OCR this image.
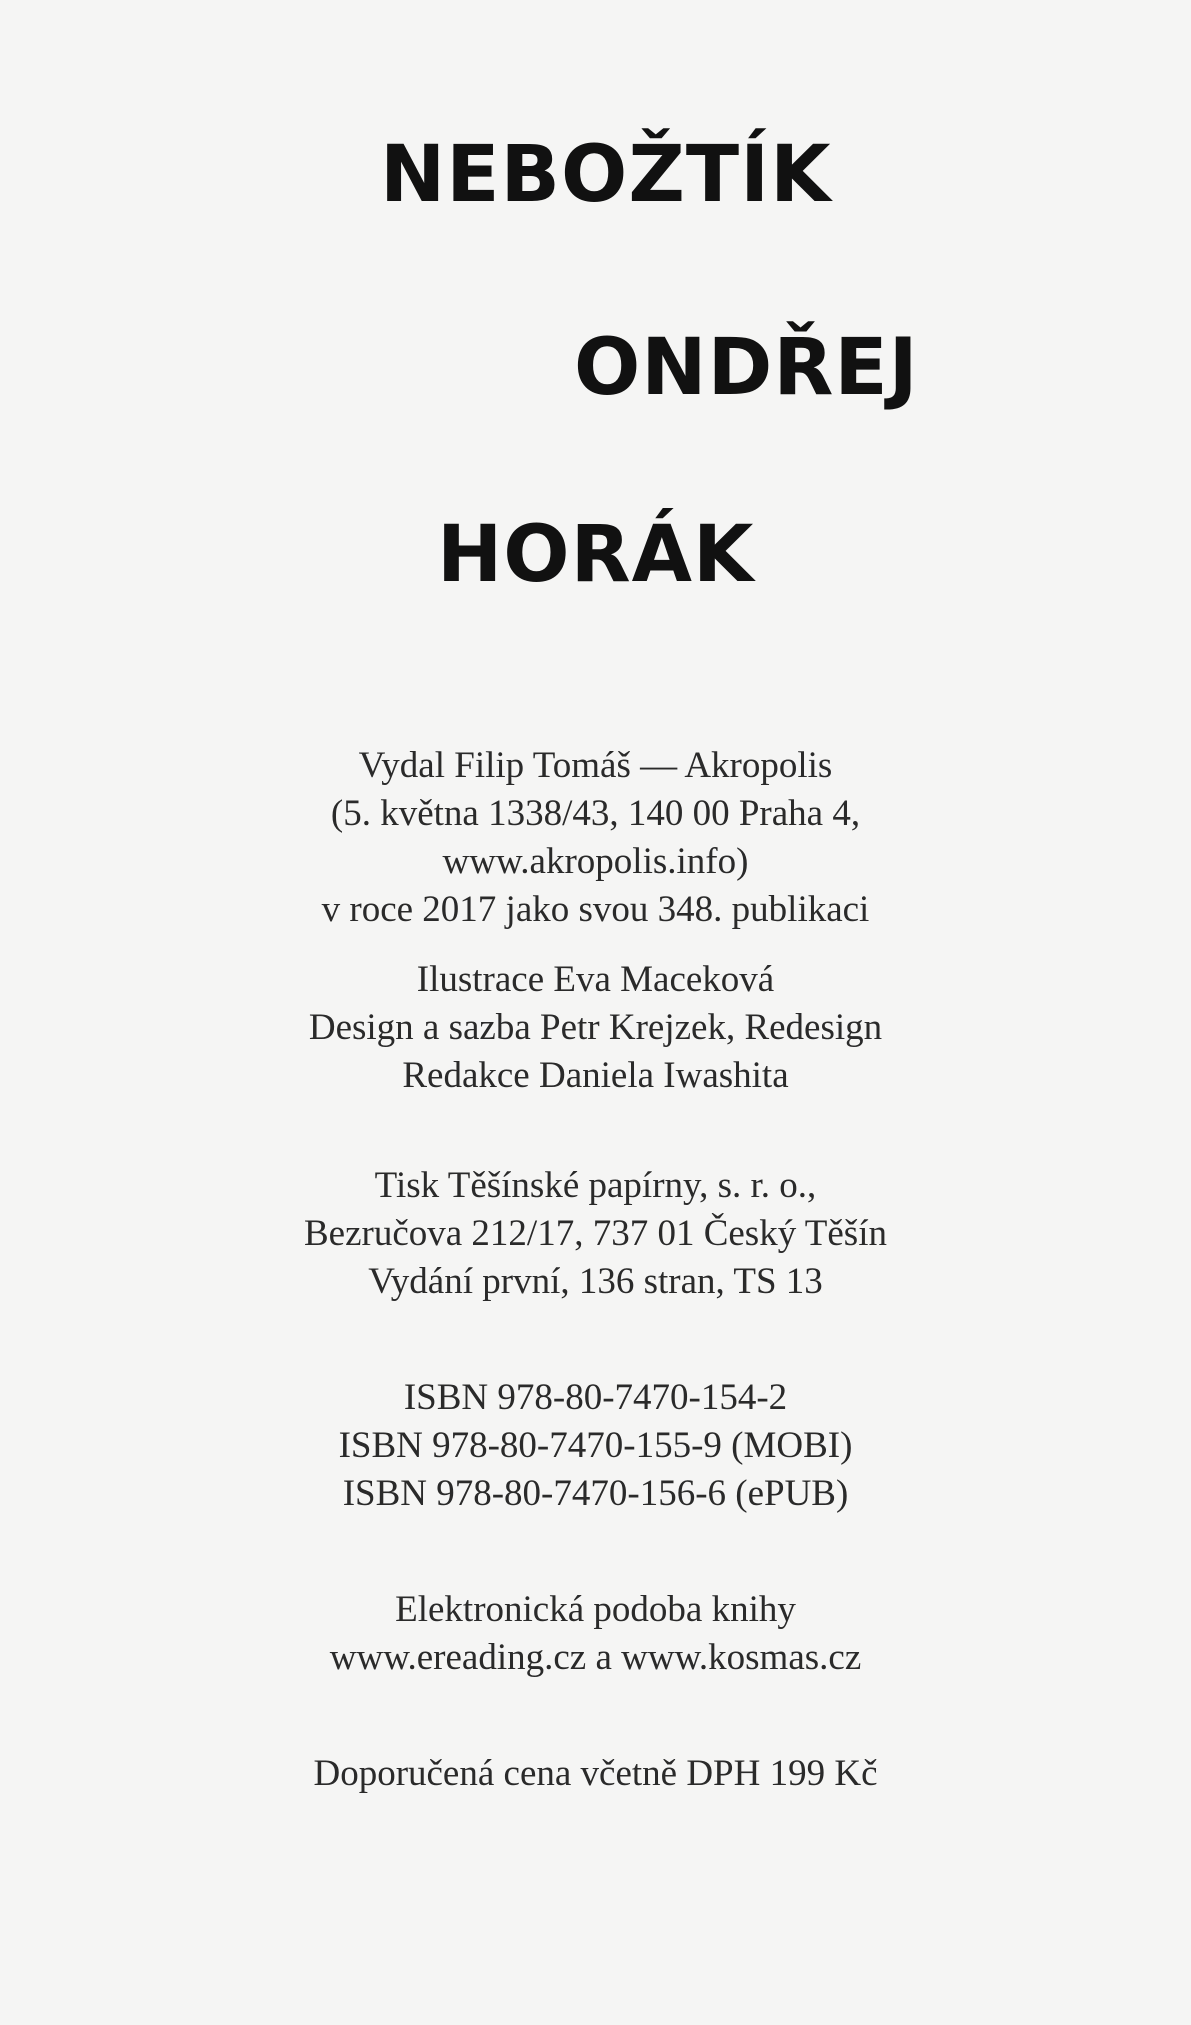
NEBOŽTÍK
ONDŘEJ
HORÁK

Vydal Filip Tomáš — Akropolis
(5. května 1338/43, 140 00 Praha 4,
www.akropolis.info)
v roce 2017 jako svou 348. publikaci

Ilustrace Eva Maceková
Design a sazba Petr Krejzek, Redesign
Redakce Daniela Iwashita

Tisk Těšínské papírny, s. r. o.,
Bezručova 212/17, 737 01 Český Těšín
Vydání první, 136 stran, TS 13

ISBN 978-80-7470-154-2
ISBN 978-80-7470-155-9 (MOBI)
ISBN 978-80-7470-156-6 (ePUB)

Elektronická podoba knihy
www.ereading.cz a www.kosmas.cz

Doporučená cena včetně DPH 199 Kč
